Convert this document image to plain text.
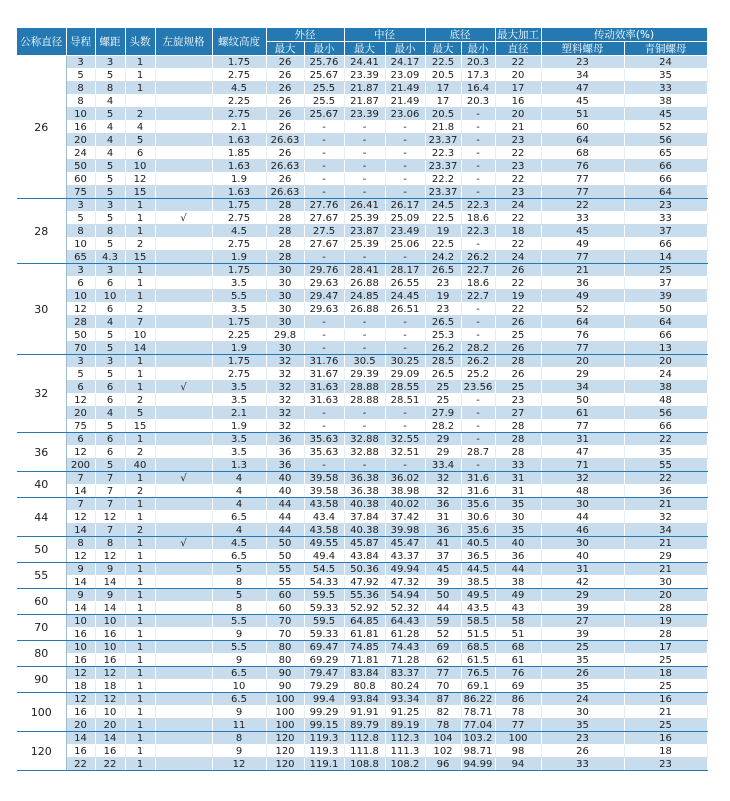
公称直径	导程	螺距	头数	左旋规格	螺纹高度	外径		中径		底径		最大加工	传动效率(%)	
						最大	最小	最大	最小	最大	最小	直径	塑料螺母	青铜螺母
26	3	3	1		1.75	26	25.76	24.41	24.17	22.5	20.3	22	23	24
	5	5	1		2.75	26	25.67	23.39	23.09	20.5	17.3	20	34	35
	8	8	1		4.5	26	25.5	21.87	21.49	17	16.4	17	47	33
	8	4			2.25	26	25.5	21.87	21.49	17	20.3	16	45	38
	10	5	2		2.75	26	25.67	23.39	23.06	20.5	-	20	51	45
	16	4	4		2.1	26	-	-	-	21.8	-	21	60	52
	20	4	5		1.63	26.63	-	-	-	23.37	-	23	64	56
	24	4	6		1.85	26	-	-	-	22.3	-	22	68	65
	50	5	10		1.63	26.63	-	-	-	23.37	-	23	76	66
	60	5	12		1.9	26	-	-	-	22.2	-	22	77	66
	75	5	15		1.63	26.63	-	-	-	23.37	-	23	77	64
28	3	3	1		1.75	28	27.76	26.41	26.17	24.5	22.3	24	22	23
	5	5	1	√	2.75	28	27.67	25.39	25.09	22.5	18.6	22	33	33
	8	8	1		4.5	28	27.5	23.87	23.49	19	22.3	18	45	37
	10	5	2		2.75	28	27.67	25.39	25.06	22.5	-	22	49	66
	65	4.3	15		1.9	28	-	-	-	24.2	26.2	24	77	14
30	3	3	1		1.75	30	29.76	28.41	28.17	26.5	22.7	26	21	25
	6	6	1		3.5	30	29.63	26.88	26.55	23	18.6	22	36	37
	10	10	1		5.5	30	29.47	24.85	24.45	19	22.7	19	49	39
	12	6	2		3.5	30	29.63	26.88	26.51	23	-	22	52	50
	28	4	7		1.75	30	-	-	-	26.5	-	26	64	64
	50	5	10		2.25	29.8	-	-	-	25.3	-	25	76	66
	70	5	14		1.9	30	-	-	-	26.2	28.2	26	77	13
32	3	3	1		1.75	32	31.76	30.5	30.25	28.5	26.2	28	20	20
	5	5	1		2.75	32	31.67	29.39	29.09	26.5	25.2	26	29	24
	6	6	1	√	3.5	32	31.63	28.88	28.55	25	23.56	25	34	38
	12	6	2		3.5	32	31.63	28.88	28.51	25	-	23	50	48
	20	4	5		2.1	32	-	-	-	27.9	-	27	61	56
	75	5	15		1.9	32	-	-	-	28.2	-	28	77	66
36	6	6	1		3.5	36	35.63	32.88	32.55	29	-	28	31	22
	12	6	2		3.5	36	35.63	32.88	32.51	29	28.7	28	47	35
	200	5	40		1.3	36	-	-	-	33.4	-	33	71	55
40	7	7	1	√	4	40	39.58	36.38	36.02	32	31.6	31	32	22
	14	7	2		4	40	39.58	36.38	38.98	32	31.6	31	48	36
44	7	7	1		4	44	43.58	40.38	40.02	36	35.6	35	30	21
	12	12	1		6.5	44	43.4	37.84	37.42	31	30.6	30	44	32
	14	7	2		4	44	43.58	40.38	39.98	36	35.6	35	46	34
50	8	8	1	√	4.5	50	49.55	45.87	45.47	41	40.5	40	30	21
	12	12	1		6.5	50	49.4	43.84	43.37	37	36.5	36	40	29
55	9	9	1		5	55	54.5	50.36	49.94	45	44.5	44	31	21
	14	14	1		8	55	54.33	47.92	47.32	39	38.5	38	42	30
60	9	9	1		5	60	59.5	55.36	54.94	50	49.5	49	29	20
	14	14	1		8	60	59.33	52.92	52.32	44	43.5	43	39	28
70	10	10	1		5.5	70	59.5	64.85	64.43	59	58.5	58	27	19
	16	16	1		9	70	59.33	61.81	61.28	52	51.5	51	39	28
80	10	10	1		5.5	80	69.47	74.85	74.43	69	68.5	68	25	17
	16	16	1		9	80	69.29	71.81	71.28	62	61.5	61	35	25
90	12	12	1		6.5	90	79.47	83.84	83.37	77	76.5	76	26	18
	18	18	1		10	90	79.29	80.8	80.24	70	69.1	69	35	25
100	12	12	1		6.5	100	99.4	93.84	93.34	87	86.22	86	24	16
	16	10	1		9	100	99.29	91.91	91.25	82	78.71	78	30	21
	20	20	1		11	100	99.15	89.79	89.19	78	77.04	77	35	25
120	14	14	1		8	120	119.3	112.8	112.3	104	103.2	100	23	16
	16	16	1		9	120	119.3	111.8	111.3	102	98.71	98	26	18
	22	22	1		12	120	119.1	108.8	108.2	96	94.99	94	33	23
